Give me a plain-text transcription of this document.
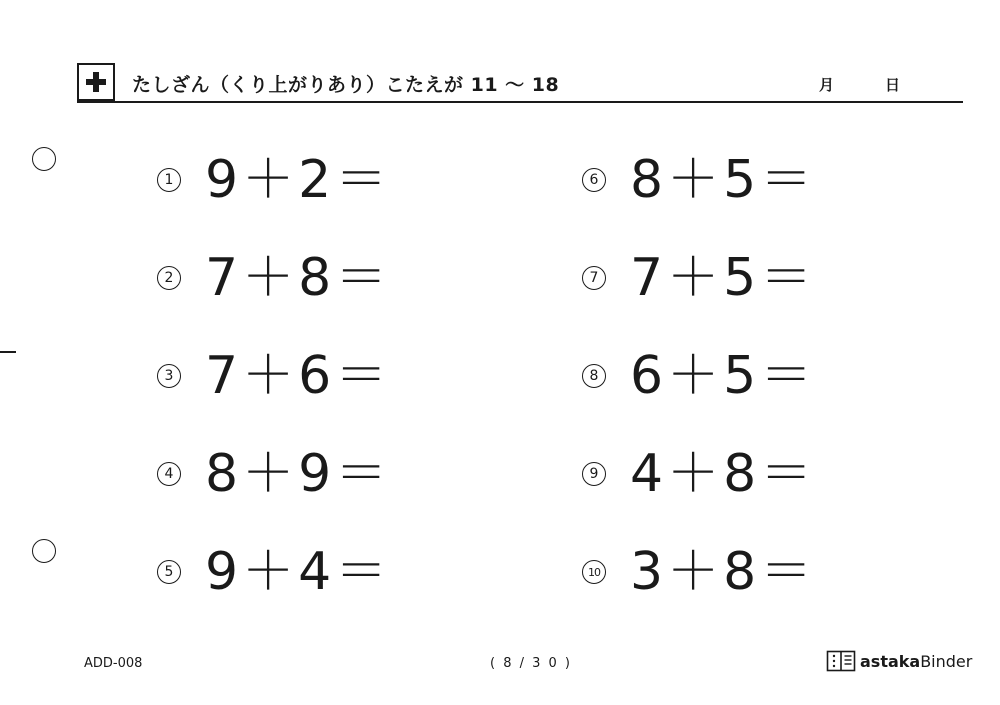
たしざん（くり上がりあり）こたえが 11 〜 18	月	日
1 9＋2＝
2 7＋8＝
3 7＋6＝
4 8＋9＝
5 9＋4＝
6 8＋5＝
7 7＋5＝
8 6＋5＝
9 4＋8＝
10 3＋8＝
ADD-008	( 8 / 3 0 )	astaka Binder
